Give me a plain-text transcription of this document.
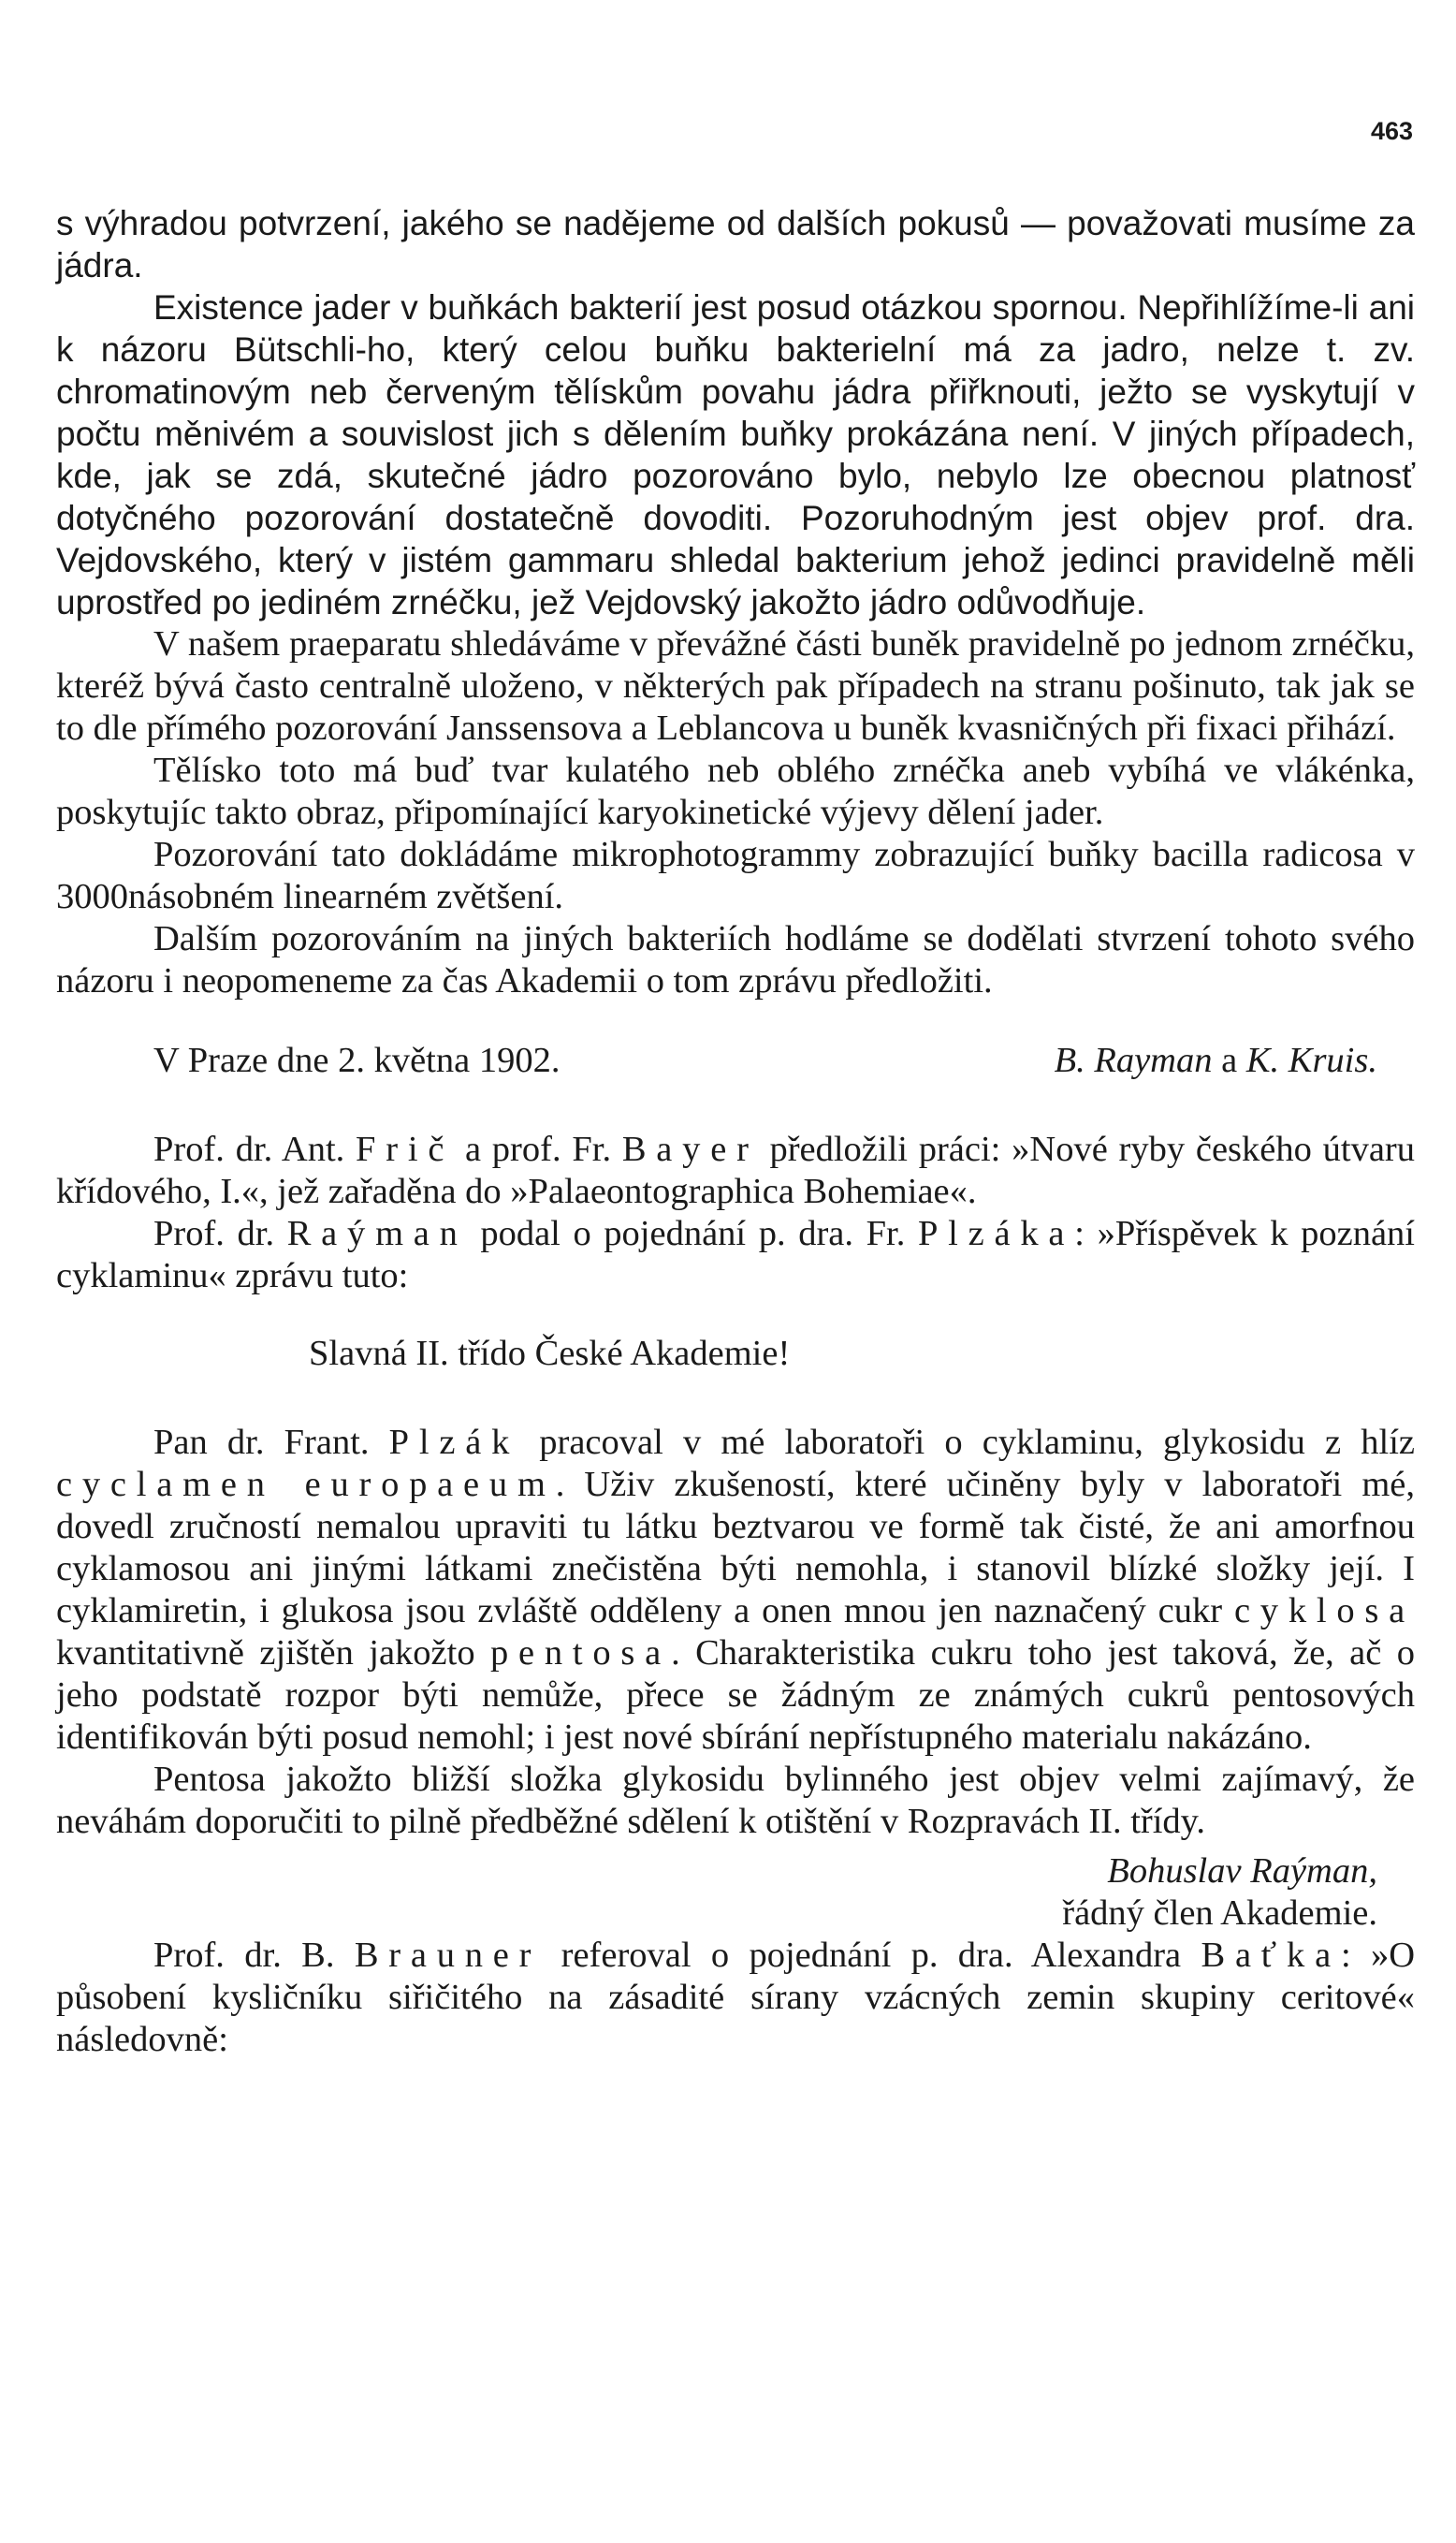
463

s výhradou potvrzení, jakého se nadějeme od dalších pokusů — považovati musíme za jádra.

Existence jader v buňkách bakterií jest posud otázkou spornou. Nepřihlížíme-li ani k názoru Bütschli-ho, který celou buňku bakterielní má za jadro, nelze t. zv. chromatinovým neb červeným tělískům povahu jádra přiřknouti, ježto se vyskytují v počtu měnivém a souvislost jich s dělením buňky prokázána není. V jiných případech, kde, jak se zdá, skutečné jádro pozorováno bylo, nebylo lze obecnou platnosť dotyčného pozorování dostatečně dovoditi. Pozoruhodným jest objev prof. dra. Vejdovského, který v jistém gammaru shledal bakterium jehož jedinci pravidelně měli uprostřed po jediném zrnéčku, jež Vejdovský jakožto jádro odůvodňuje.

V našem praeparatu shledáváme v převážné části buněk pravidelně po jednom zrnéčku, kteréž bývá často centralně uloženo, v některých pak případech na stranu pošinuto, tak jak se to dle přímého pozorování Janssensova a Leblancova u buněk kvasničných při fixaci přihází.

Tělísko toto má buď tvar kulatého neb oblého zrnéčka aneb vybíhá ve vlákénka, poskytujíc takto obraz, připomínající karyokinetické výjevy dělení jader.

Pozorování tato dokládáme mikrophotogrammy zobrazující buňky bacilla radicosa v 3000násobném linearném zvětšení.

Dalším pozorováním na jiných bakteriích hodláme se dodělati stvrzení tohoto svého názoru i neopomeneme za čas Akademii o tom zprávu předložiti.

V Praze dne 2. května 1902.	B. Rayman a K. Kruis.

Prof. dr. Ant. Frič a prof. Fr. Bayer předložili práci: »Nové ryby českého útvaru křídového, I.«, jež zařaděna do »Palaeontographica Bohemiae«.

Prof. dr. Raýman podal o pojednání p. dra. Fr. Plzáka: »Příspěvek k poznání cyklaminu« zprávu tuto:

Slavná II. třído České Akademie!

Pan dr. Frant. Plzák pracoval v mé laboratoři o cyklaminu, glykosidu z hlíz cyclamen europaeum. Uživ zkušeností, které učiněny byly v laboratoři mé, dovedl zručností nemalou upraviti tu látku beztvarou ve formě tak čisté, že ani amorfnou cyklamosou ani jinými látkami znečistěna býti nemohla, i stanovil blízké složky její. I cyklamiretin, i glukosa jsou zvláště odděleny a onen mnou jen naznačený cukr cyklosa kvantitativně zjištěn jakožto pentosa. Charakteristika cukru toho jest taková, že, ač o jeho podstatě rozpor býti nemůže, přece se žádným ze známých cukrů pentosových identifikován býti posud nemohl; i jest nové sbírání nepřístupného materialu nakázáno.

Pentosa jakožto bližší složka glykosidu bylinného jest objev velmi zajímavý, že neváhám doporučiti to pilně předběžné sdělení k otištění v Rozpravách II. třídy.

Bohuslav Raýman,
řádný člen Akademie.

Prof. dr. B. Brauner referoval o pojednání p. dra. Alexandra Baťka: »O působení kysličníku siřičitého na zásadité sírany vzácných zemin skupiny ceritové« následovně:
